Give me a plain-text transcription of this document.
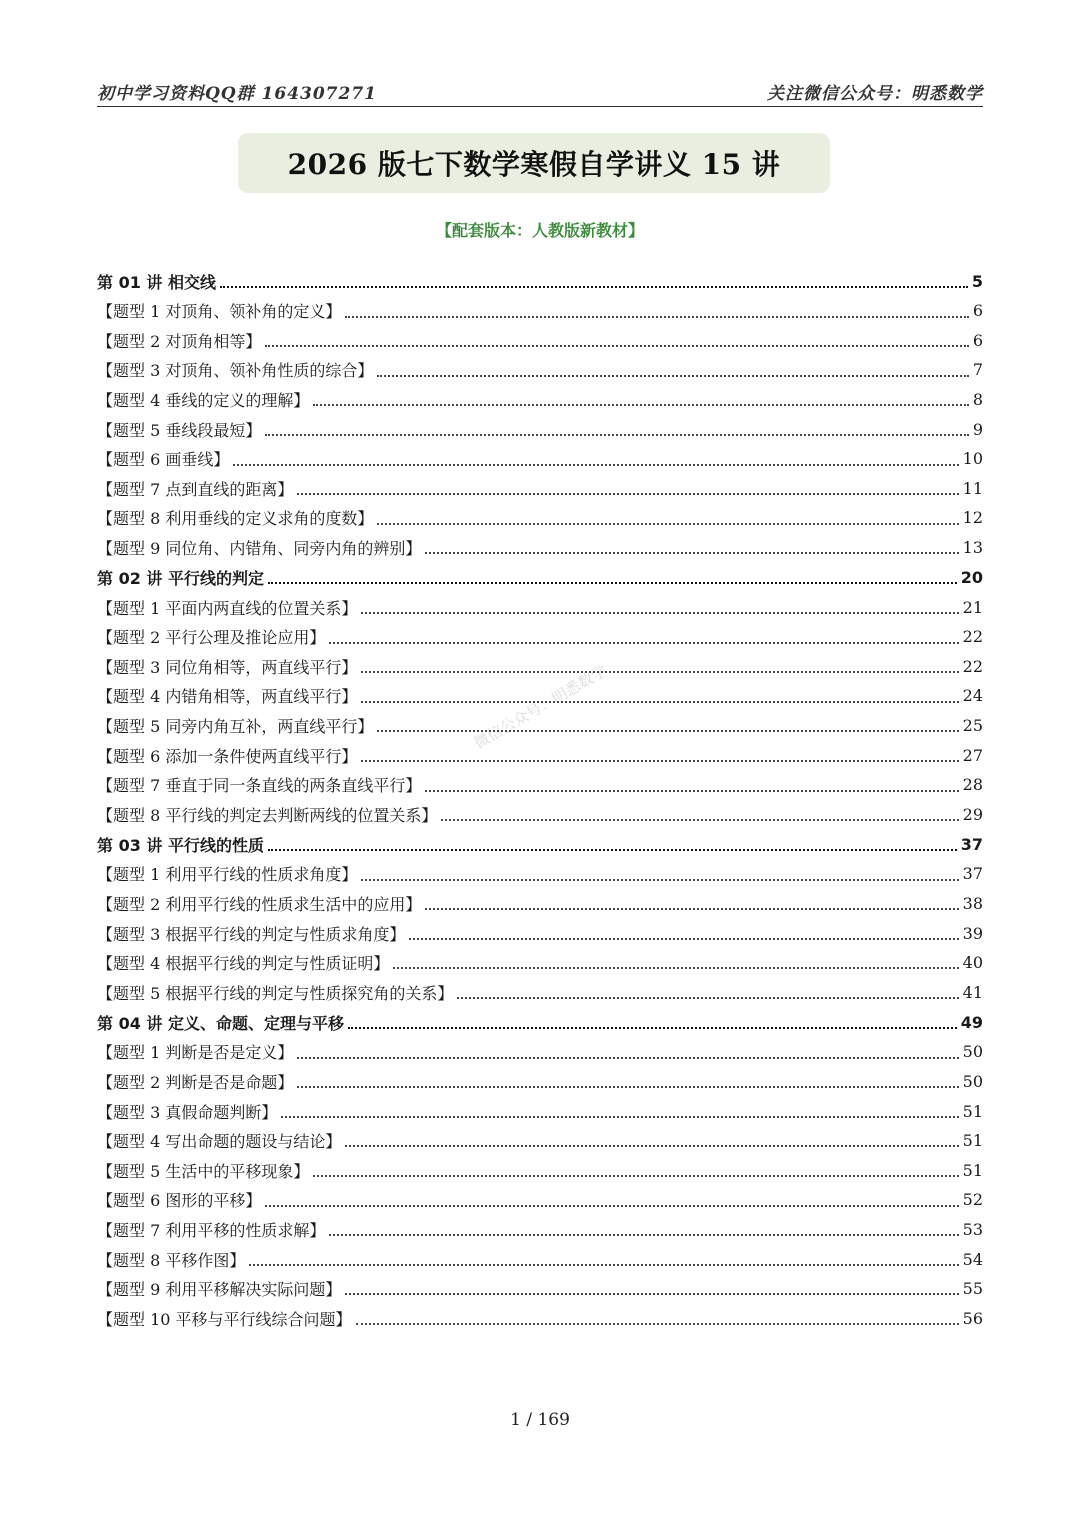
初中学习资料QQ群 164307271	关注微信公众号：明悉数学
2026 版七下数学寒假自学讲义 15 讲
【配套版本：人教版新教材】
微信公众号：明悉数学
第 01 讲 相交线	5
【题型 1 对顶角、领补角的定义】	6
【题型 2 对顶角相等】	6
【题型 3 对顶角、领补角性质的综合】	7
【题型 4 垂线的定义的理解】	8
【题型 5 垂线段最短】	9
【题型 6 画垂线】	10
【题型 7 点到直线的距离】	11
【题型 8 利用垂线的定义求角的度数】	12
【题型 9 同位角、内错角、同旁内角的辨别】	13
第 02 讲 平行线的判定	20
【题型 1 平面内两直线的位置关系】	21
【题型 2 平行公理及推论应用】	22
【题型 3 同位角相等，两直线平行】	22
【题型 4 内错角相等，两直线平行】	24
【题型 5 同旁内角互补，两直线平行】	25
【题型 6 添加一条件使两直线平行】	27
【题型 7 垂直于同一条直线的两条直线平行】	28
【题型 8 平行线的判定去判断两线的位置关系】	29
第 03 讲 平行线的性质	37
【题型 1 利用平行线的性质求角度】	37
【题型 2 利用平行线的性质求生活中的应用】	38
【题型 3 根据平行线的判定与性质求角度】	39
【题型 4 根据平行线的判定与性质证明】	40
【题型 5 根据平行线的判定与性质探究角的关系】	41
第 04 讲 定义、命题、定理与平移	49
【题型 1 判断是否是定义】	50
【题型 2 判断是否是命题】	50
【题型 3 真假命题判断】	51
【题型 4 写出命题的题设与结论】	51
【题型 5 生活中的平移现象】	51
【题型 6 图形的平移】	52
【题型 7 利用平移的性质求解】	53
【题型 8 平移作图】	54
【题型 9 利用平移解决实际问题】	55
【题型 10 平移与平行线综合问题】	56
1 / 169
